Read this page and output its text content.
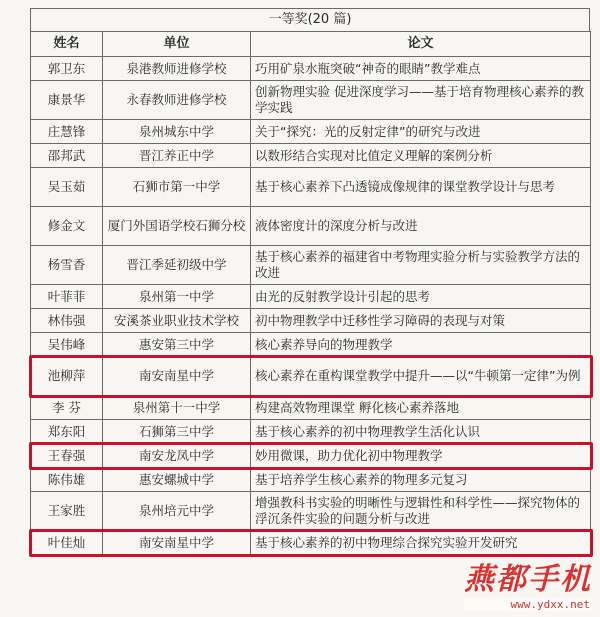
一等奖(20 篇)
姓名	单位	论文
郭卫东	泉港教师进修学校	巧用矿泉水瓶突破“神奇的眼睛”教学难点
康景华	永春教师进修学校	创新物理实验 促进深度学习——基于培育物理核心素养的教学实践
庄慧锋	泉州城东中学	关于“探究：光的反射定律”的研究与改进
邵邦武	晋江养正中学	以数形结合实现对比值定义理解的案例分析
吴玉茹	石狮市第一中学	基于核心素养下凸透镜成像规律的课堂教学设计与思考
修金文	厦门外国语学校石狮分校	液体密度计的深度分析与改进
杨雪香	晋江季延初级中学	基于核心素养的福建省中考物理实验分析与实验教学方法的改进
叶菲菲	泉州第一中学	由光的反射教学设计引起的思考
林伟强	安溪茶业职业技术学校	初中物理教学中迁移性学习障碍的表现与对策
吴伟峰	惠安第三中学	核心素养导向的物理教学
池柳萍	南安南星中学	核心素养在重构课堂教学中提升——以“牛顿第一定律”为例
李 芬	泉州第十一中学	构建高效物理课堂 孵化核心素养落地
郑东阳	石狮第三中学	基于核心素养的初中物理教学生活化认识
王春强	南安龙凤中学	妙用微课，助力优化初中物理教学
陈伟雄	惠安螺城中学	基于培养学生核心素养的物理多元复习
王家胜	泉州培元中学	增强教科书实验的明晰性与逻辑性和科学性——探究物体的浮沉条件实验的问题分析与改进
叶佳灿	南安南星中学	基于核心素养的初中物理综合探究实验开发研究
燕都手机
www.ydxx.net
